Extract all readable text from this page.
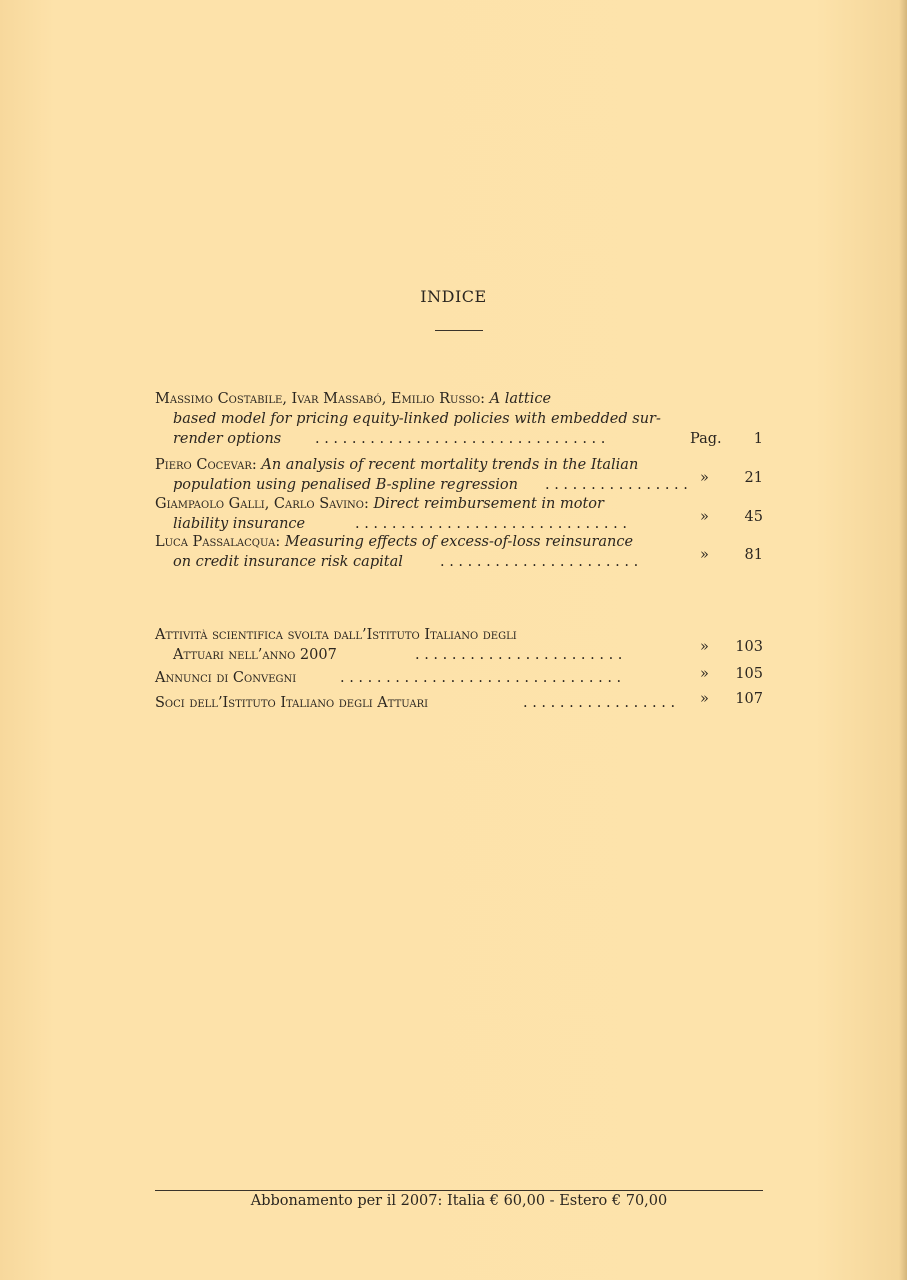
INDICE
Massimo Costabile, Ivar Massabó, Emilio Russo: A lattice
based model for pricing equity-linked policies with embedded sur-
render options . . . . . . . . . . . . . . . . . . . . . . . . . . . . . . . .	Pag.	1
Piero Cocevar: An analysis of recent mortality trends in the Italian
population using penalised B-spline regression . . . . . . . . . . . . . . . . »	21
Giampaolo Galli, Carlo Savino: Direct reimbursement in motor
liability insurance	. . . . . . . . . . . . . . . . . . . . . . . . . . . . . .	»	45
Luca Passalacqua: Measuring effects of excess-of-loss reinsurance
on credit insurance risk capital	. . . . . . . . . . . . . . . . . . . . . .	»	81
Attività scientifica svolta dall’Istituto Italiano degli
Attuari nell’anno 2007	. . . . . . . . . . . . . . . . . . . . . . .	»	103
Annunci di Convegni	. . . . . . . . . . . . . . . . . . . . . . . . . . . . . . .	»	105
Soci dell’Istituto Italiano degli Attuari	. . . . . . . . . . . . . . . . . »	107
Abbonamento per il 2007: Italia € 60,00 - Estero € 70,00
